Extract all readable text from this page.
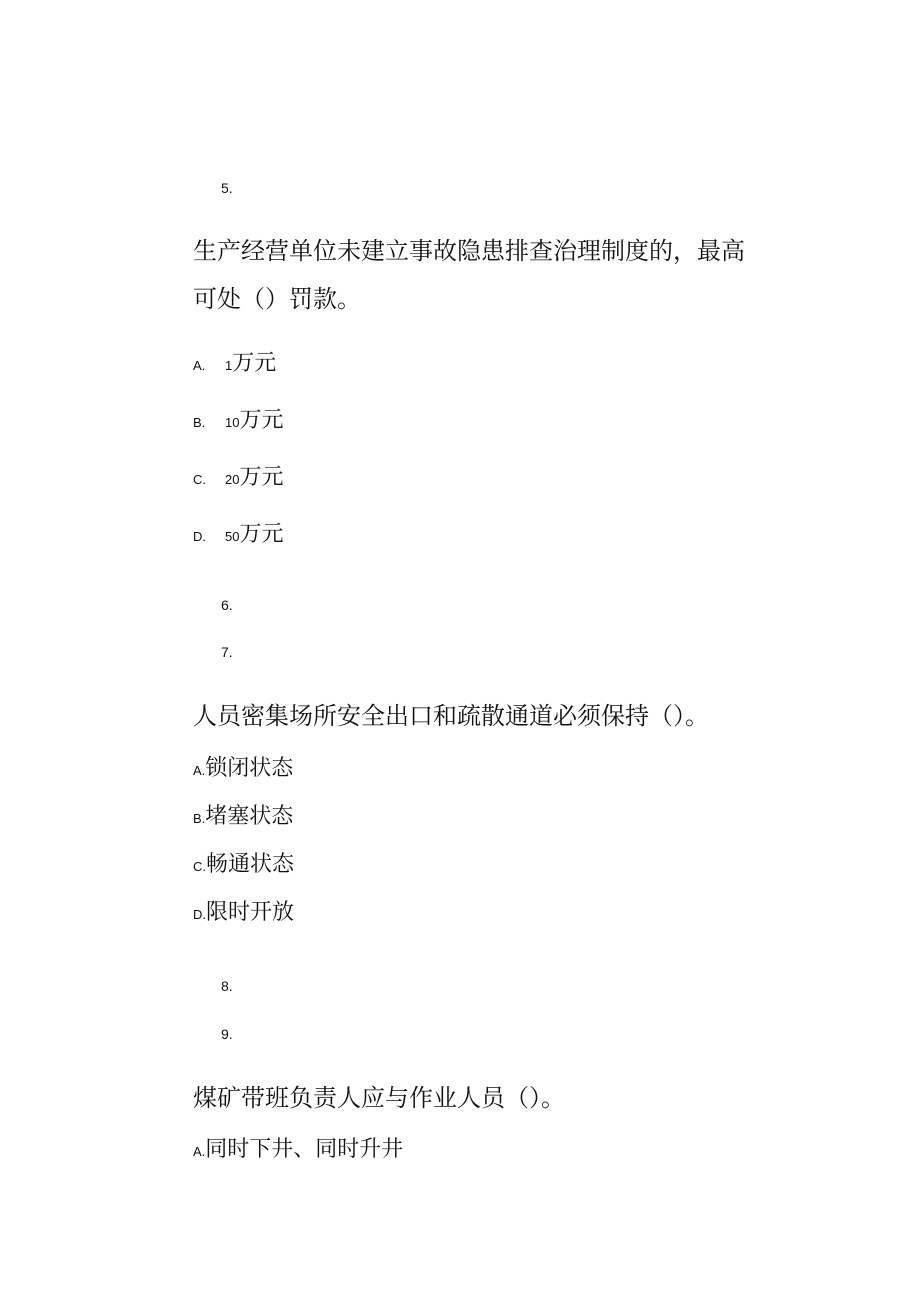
5.
生产经营单位未建立事故隐患排查治理制度的，最高
可处（）罚款。
A. 1万元
B. 10万元
C. 20万元
D. 50万元
6.
7.
人员密集场所安全出口和疏散通道必须保持（）。
A.锁闭状态
B.堵塞状态
C.畅通状态
D.限时开放
8.
9.
煤矿带班负责人应与作业人员（）。
A.同时下井、同时升井
